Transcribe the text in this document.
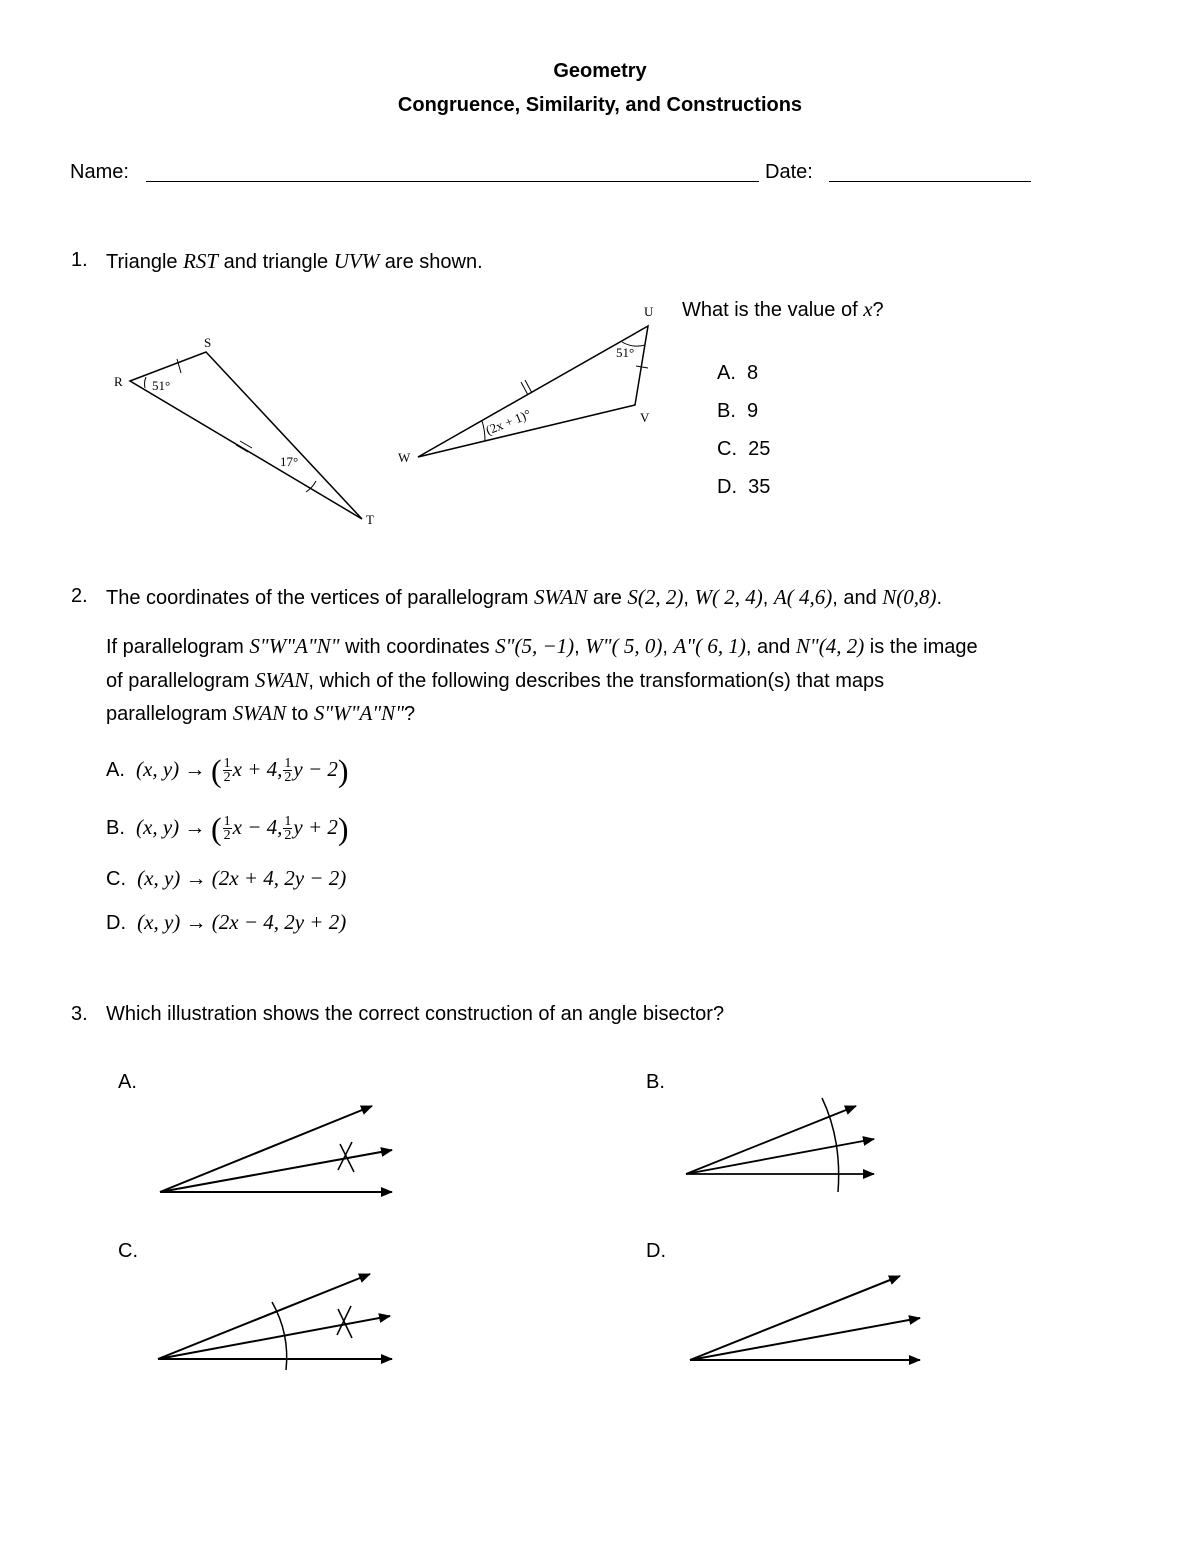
Geometry
Congruence, Similarity, and Constructions
Name:	Date:
1. Triangle RST and triangle UVW are shown.
R
S
T
51°
17°
U
V
W
51°
(2x + 1)°
What is the value of x?
A. 8
B. 9
C. 25
D. 35
2. The coordinates of the vertices of parallelogram SWAN are S(2, 2), W( 2, 4), A( 4,6), and N(0,8).
If parallelogram S"W"A"N" with coordinates S"(5, −1), W"( 5, 0), A"( 6, 1), and N"(4, 2) is the image
of parallelogram SWAN, which of the following describes the transformation(s) that maps
parallelogram SWAN to S"W"A"N"?
A. (x, y) → ( $\frac{1}{2}$ x + 4, $\frac{1}{2}$ y − 2)
B. (x, y) → ( $\frac{1}{2}$ x − 4, $\frac{1}{2}$ y + 2)
C. (x, y) → (2x + 4, 2y − 2)
D. (x, y) → (2x − 4, 2y + 2)
3. Which illustration shows the correct construction of an angle bisector?
A.	B.
C.	D.
